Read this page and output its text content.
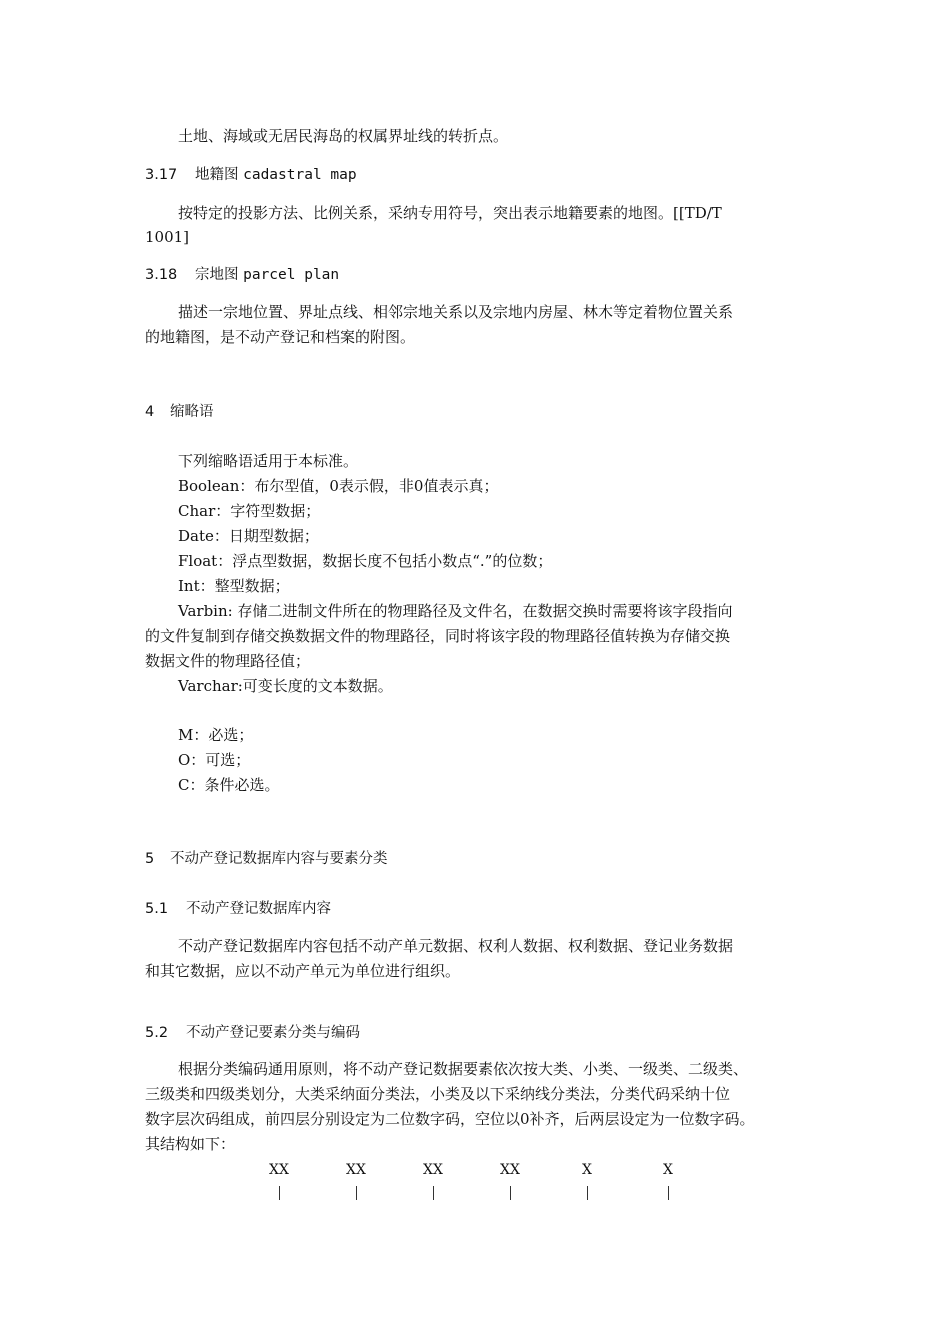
土地、海域或无居民海岛的权属界址线的转折点。
3.17 地籍图 cadastral map
按特定的投影方法、比例关系，采纳专用符号，突出表示地籍要素的地图。[[TD/T
1001]
3.18 宗地图 parcel plan
描述一宗地位置、界址点线、相邻宗地关系以及宗地内房屋、林木等定着物位置关系
的地籍图，是不动产登记和档案的附图。
4 缩略语
下列缩略语适用于本标准。
Boolean：布尔型值，0表示假，非0值表示真；
Char：字符型数据；
Date：日期型数据；
Float：浮点型数据，数据长度不包括小数点“.”的位数；
Int：整型数据；
Varbin: 存储二进制文件所在的物理路径及文件名，在数据交换时需要将该字段指向
的文件复制到存储交换数据文件的物理路径，同时将该字段的物理路径值转换为存储交换
数据文件的物理路径值；
Varchar:可变长度的文本数据。
M：必选；
O：可选；
C：条件必选。
5 不动产登记数据库内容与要素分类
5.1 不动产登记数据库内容
不动产登记数据库内容包括不动产单元数据、权利人数据、权利数据、登记业务数据
和其它数据，应以不动产单元为单位进行组织。
5.2 不动产登记要素分类与编码
根据分类编码通用原则，将不动产登记数据要素依次按大类、小类、一级类、二级类、
三级类和四级类划分，大类采纳面分类法，小类及以下采纳线分类法，分类代码采纳十位
数字层次码组成，前四层分别设定为二位数字码，空位以0补齐，后两层设定为一位数字码。
其结构如下：
XX	XX	XX	XX	X	X
